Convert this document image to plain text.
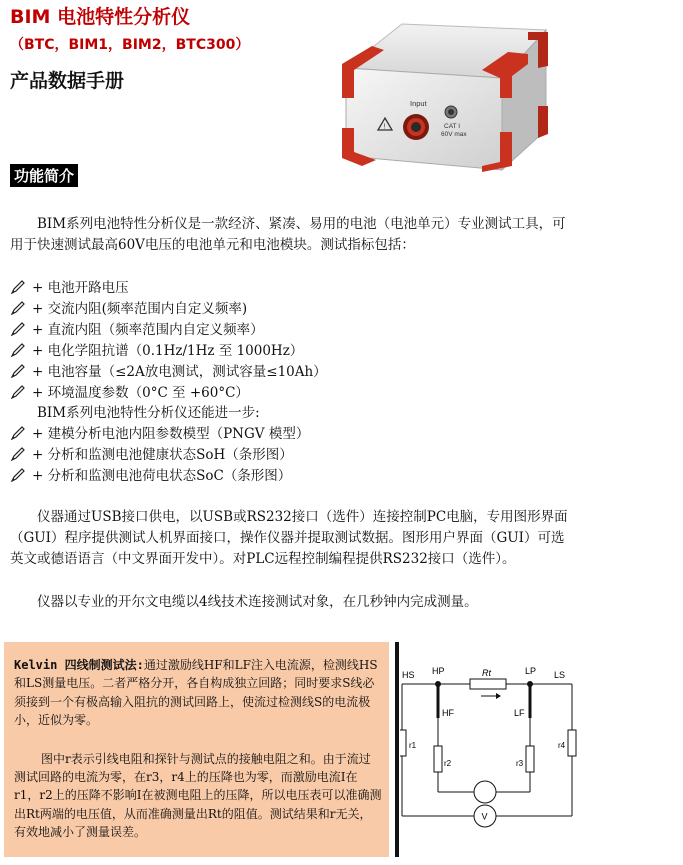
BIM 电池特性分析仪
（BTC，BIM1，BIM2，BTC300）
产品数据手册
!
Input
CAT I
60V max
功能简介

BIM系列电池特性分析仪是一款经济、紧凑、易用的电池（电池单元）专业测试工具，可用于快速测试最高60V电压的电池单元和电池模块。测试指标包括：

+ 电池开路电压
+ 交流内阻(频率范围内自定义频率)
+ 直流内阻（频率范围内自定义频率）
+ 电化学阻抗谱（0.1Hz/1Hz 至 1000Hz）
+ 电池容量（≤2A放电测试，测试容量≤10Ah）
+ 环境温度参数（0°C 至 +60°C）
BIM系列电池特性分析仪还能进一步:
+ 建模分析电池内阻参数模型（PNGV 模型）
+ 分析和监测电池健康状态SoH（条形图）
+ 分析和监测电池荷电状态SoC（条形图）

仪器通过USB接口供电，以USB或RS232接口（选件）连接控制PC电脑，专用图形界面（GUI）程序提供测试人机界面接口，操作仪器并提取测试数据。图形用户界面（GUI）可选英文或德语语言（中文界面开发中）。对PLC远程控制编程提供RS232接口（选件）。

仪器以专业的开尔文电缆以4线技术连接测试对象，在几秒钟内完成测量。

Kelvin 四线制测试法:通过激励线HF和LF注入电流源，检测线HS和LS测量电压。二者严格分开，各自构成独立回路；同时要求S线必须接到一个有极高输入阻抗的测试回路上，使流过检测线S的电流极小，近似为零。

图中r表示引线电阻和探针与测试点的接触电阻之和。由于流过测试回路的电流为零，在r3，r4上的压降也为零，而激励电流I在r1，r2上的压降不影响I在被测电阻上的压降，所以电压表可以准确测出Rt两端的电压值，从而准确测量出Rt的阻值。测试结果和r无关，有效地减小了测量误差。

HS HP	LP LS
HF	LF
Rt
r1
r2	r3
r4
V
